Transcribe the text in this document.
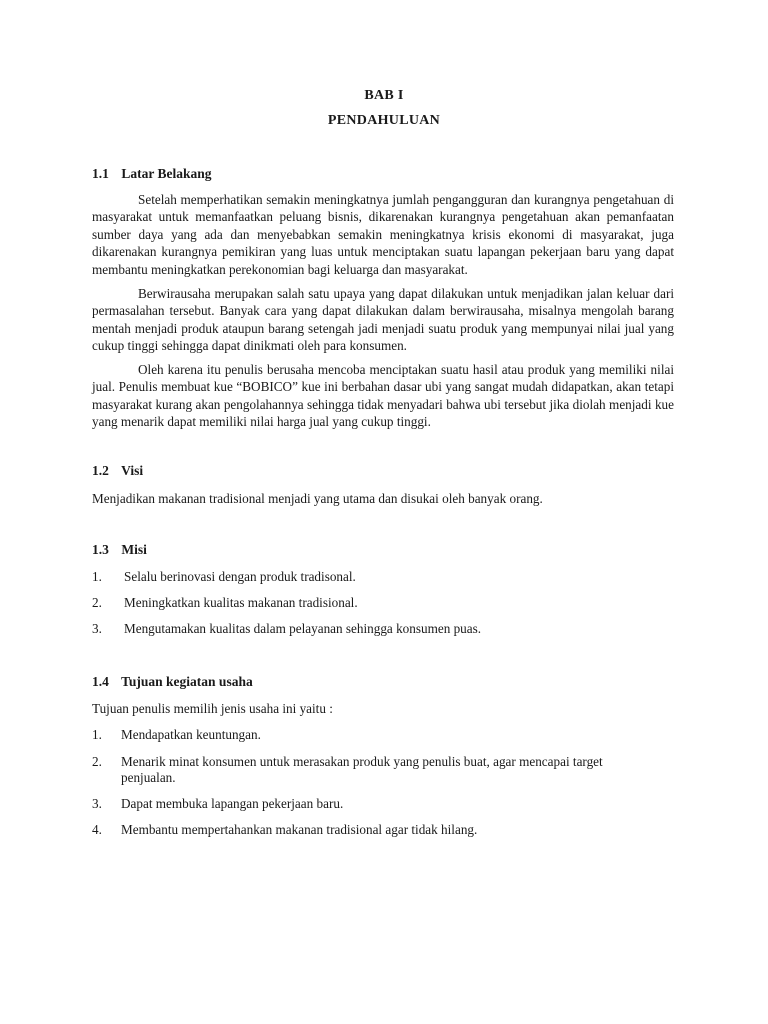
BAB I
PENDAHULUAN
1.1 Latar Belakang

Setelah memperhatikan semakin meningkatnya jumlah pengangguran dan kurangnya pengetahuan di masyarakat untuk memanfaatkan peluang bisnis, dikarenakan kurangnya pengetahuan akan pemanfaatan sumber daya yang ada dan menyebabkan semakin meningkatnya krisis ekonomi di masyarakat, juga dikarenakan kurangnya pemikiran yang luas untuk menciptakan suatu lapangan pekerjaan baru yang dapat membantu meningkatkan perekonomian bagi keluarga dan masyarakat.

Berwirausaha merupakan salah satu upaya yang dapat dilakukan untuk menjadikan jalan keluar dari permasalahan tersebut. Banyak cara yang dapat dilakukan dalam berwirausaha, misalnya mengolah barang mentah menjadi produk ataupun barang setengah jadi menjadi suatu produk yang mempunyai nilai jual yang cukup tinggi sehingga dapat dinikmati oleh para konsumen.

Oleh karena itu penulis berusaha mencoba menciptakan suatu hasil atau produk yang memiliki nilai jual. Penulis membuat kue “BOBICO” kue ini berbahan dasar ubi yang sangat mudah didapatkan, akan tetapi masyarakat kurang akan pengolahannya sehingga tidak menyadari bahwa ubi tersebut jika diolah menjadi kue yang menarik dapat memiliki nilai harga jual yang cukup tinggi.

1.2 Visi

Menjadikan makanan tradisional menjadi yang utama dan disukai oleh banyak orang.

1.3 Misi
1.	Selalu berinovasi dengan produk tradisonal.
2.	Meningkatkan kualitas makanan tradisional.
3.	Mengutamakan kualitas dalam pelayanan sehingga konsumen puas.
1.4 Tujuan kegiatan usaha

Tujuan penulis memilih jenis usaha ini yaitu :

1.	Mendapatkan keuntungan.
2.	Menarik minat konsumen untuk merasakan produk yang penulis buat, agar mencapai target penjualan.
3.	Dapat membuka lapangan pekerjaan baru.
4.	Membantu mempertahankan makanan tradisional agar tidak hilang.
